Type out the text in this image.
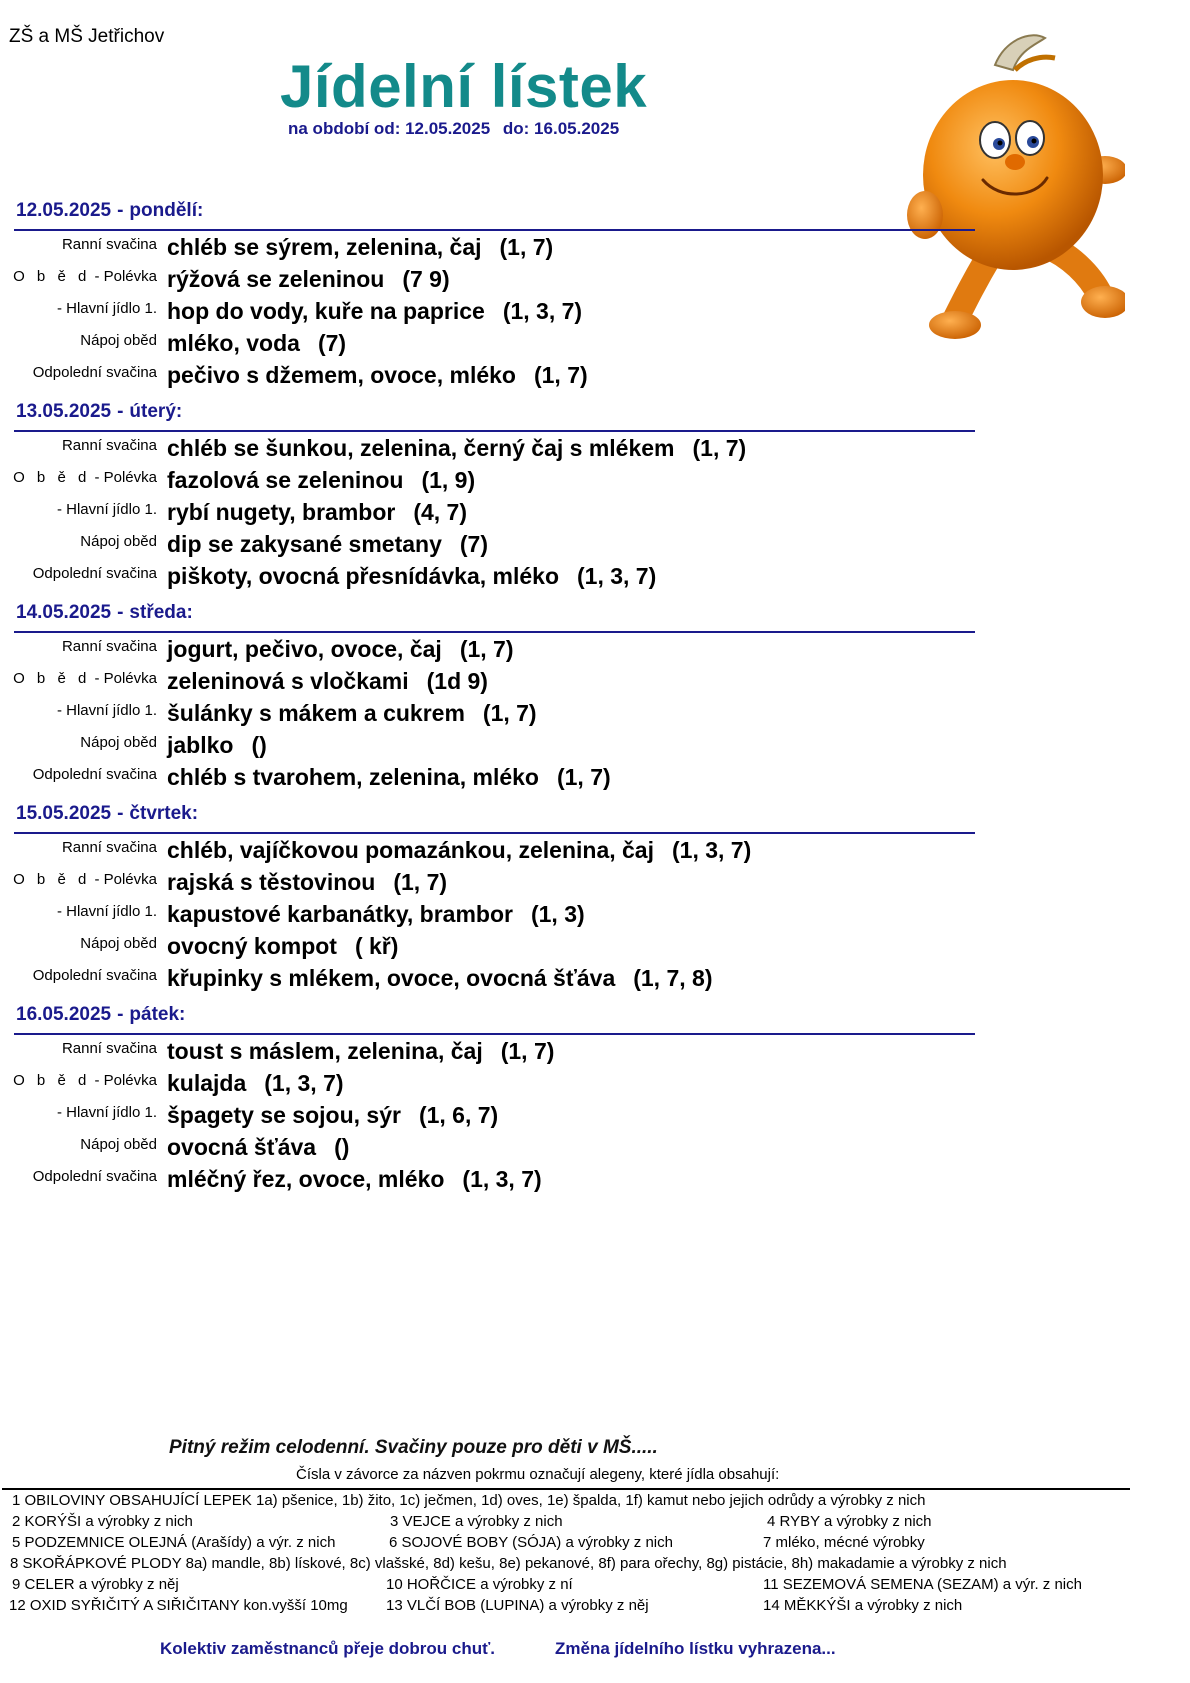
ZŠ a MŠ Jetřichov
Jídelní lístek
na období od: 12.05.2025 do: 16.05.2025
12.05.2025 - pondělí:
Ranní svačina chléb se sýrem, zelenina, čaj (1, 7)
O b ě d - Polévka rýžová se zeleninou (7 9)
- Hlavní jídlo 1. hop do vody, kuře na paprice (1, 3, 7)
Nápoj oběd mléko, voda (7)
Odpolední svačina pečivo s džemem, ovoce, mléko (1, 7)
13.05.2025 - úterý:
Ranní svačina chléb se šunkou, zelenina, černý čaj s mlékem (1, 7)
O b ě d - Polévka fazolová se zeleninou (1, 9)
- Hlavní jídlo 1. rybí nugety, brambor (4, 7)
Nápoj oběd dip se zakysané smetany (7)
Odpolední svačina piškoty, ovocná přesnídávka, mléko (1, 3, 7)
14.05.2025 - středa:
Ranní svačina jogurt, pečivo, ovoce, čaj (1, 7)
O b ě d - Polévka zeleninová s vločkami (1d 9)
- Hlavní jídlo 1. šulánky s mákem a cukrem (1, 7)
Nápoj oběd jablko ()
Odpolední svačina chléb s tvarohem, zelenina, mléko (1, 7)
15.05.2025 - čtvrtek:
Ranní svačina chléb, vajíčkovou pomazánkou, zelenina, čaj (1, 3, 7)
O b ě d - Polévka rajská s těstovinou (1, 7)
- Hlavní jídlo 1. kapustové karbanátky, brambor (1, 3)
Nápoj oběd ovocný kompot ( kř)
Odpolední svačina křupinky s mlékem, ovoce, ovocná šťáva (1, 7, 8)
16.05.2025 - pátek:
Ranní svačina toust s máslem, zelenina, čaj (1, 7)
O b ě d - Polévka kulajda (1, 3, 7)
- Hlavní jídlo 1. špagety se sojou, sýr (1, 6, 7)
Nápoj oběd ovocná šťáva ()
Odpolední svačina mléčný řez, ovoce, mléko (1, 3, 7)
Pitný režim celodenní. Svačiny pouze pro děti v MŠ.....
Čísla v závorce za názven pokrmu označují alegeny, které jídla obsahují:
1 OBILOVINY OBSAHUJÍCÍ LEPEK 1a) pšenice, 1b) žito, 1c) ječmen, 1d) oves, 1e) špalda, 1f) kamut nebo jejich odrůdy a výrobky z nich
2 KORÝŠI a výrobky z nich	3 VEJCE a výrobky z nich	4 RYBY a výrobky z nich
5 PODZEMNICE OLEJNÁ (Arašídy) a výr. z nich	6 SOJOVÉ BOBY (SÓJA) a výrobky z nich	7 mléko, mécné výrobky
8 SKOŘÁPKOVÉ PLODY 8a) mandle, 8b) lískové, 8c) vlašské, 8d) kešu, 8e) pekanové, 8f) para ořechy, 8g) pistácie, 8h) makadamie a výrobky z nich
9 CELER a výrobky z něj	10 HOŘČICE a výrobky z ní	11 SEZEMOVÁ SEMENA (SEZAM) a výr. z nich
12 OXID SYŘIČITÝ A SIŘIČITANY kon.vyšší 10mg	13 VLČÍ BOB (LUPINA) a výrobky z něj	14 MĚKKÝŠI a výrobky z nich
Kolektiv zaměstnanců přeje dobrou chuť.	Změna jídelního lístku vyhrazena...
